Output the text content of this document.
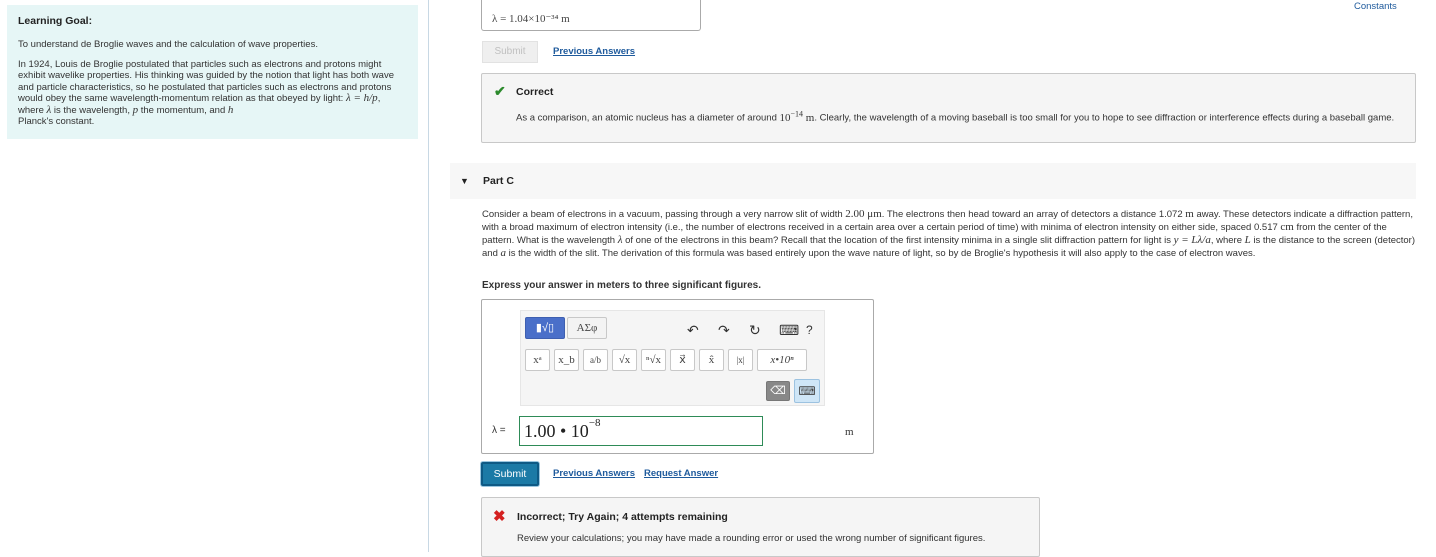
Learning Goal:

To understand de Broglie waves and the calculation of wave properties.

In 1924, Louis de Broglie postulated that particles such as electrons and protons might exhibit wavelike properties. His thinking was guided by the notion that light has both wave and particle characteristics, so he postulated that particles such as electrons and protons would obey the same wavelength-momentum relation as that obeyed by light: λ = h/p, where λ is the wavelength, p the momentum, and h
Planck's constant.

Constants
λ = 1.04×10⁻³⁴ m
Submit	Previous Answers
✔ Correct
As a comparison, an atomic nucleus has a diameter of around $10^{-14}$ m. Clearly, the wavelength of a moving baseball is too small for you to hope to see diffraction or interference effects during a baseball game.
▼ Part C
Consider a beam of electrons in a vacuum, passing through a very narrow slit of width 2.00 μm. The electrons then head toward an array of detectors a distance 1.072 m away. These detectors indicate a diffraction pattern, with a broad maximum of electron intensity (i.e., the number of electrons received in a certain area over a certain period of time) with minima of electron intensity on either side, spaced 0.517 cm from the center of the pattern. What is the wavelength λ of one of the electrons in this beam? Recall that the location of the first intensity minima in a single slit diffraction pattern for light is y = Lλ/a, where L is the distance to the screen (detector) and a is the width of the slit. The derivation of this formula was based entirely upon the wave nature of light, so by de Broglie's hypothesis it will also apply to the case of electron waves.
Express your answer in meters to three significant figures.
▮√▯	ΑΣφ	↶ ↷ ↻ ⌨ ?
xᵃ	x_b	a/b	√x	ⁿ√x	x⃗	x̂	|x|	x•10ⁿ
⌫	⌨
λ = 1.00 • $10^{-8}$
m
Submit	Previous Answers Request Answer
✖ Incorrect; Try Again; 4 attempts remaining
Review your calculations; you may have made a rounding error or used the wrong number of significant figures.
